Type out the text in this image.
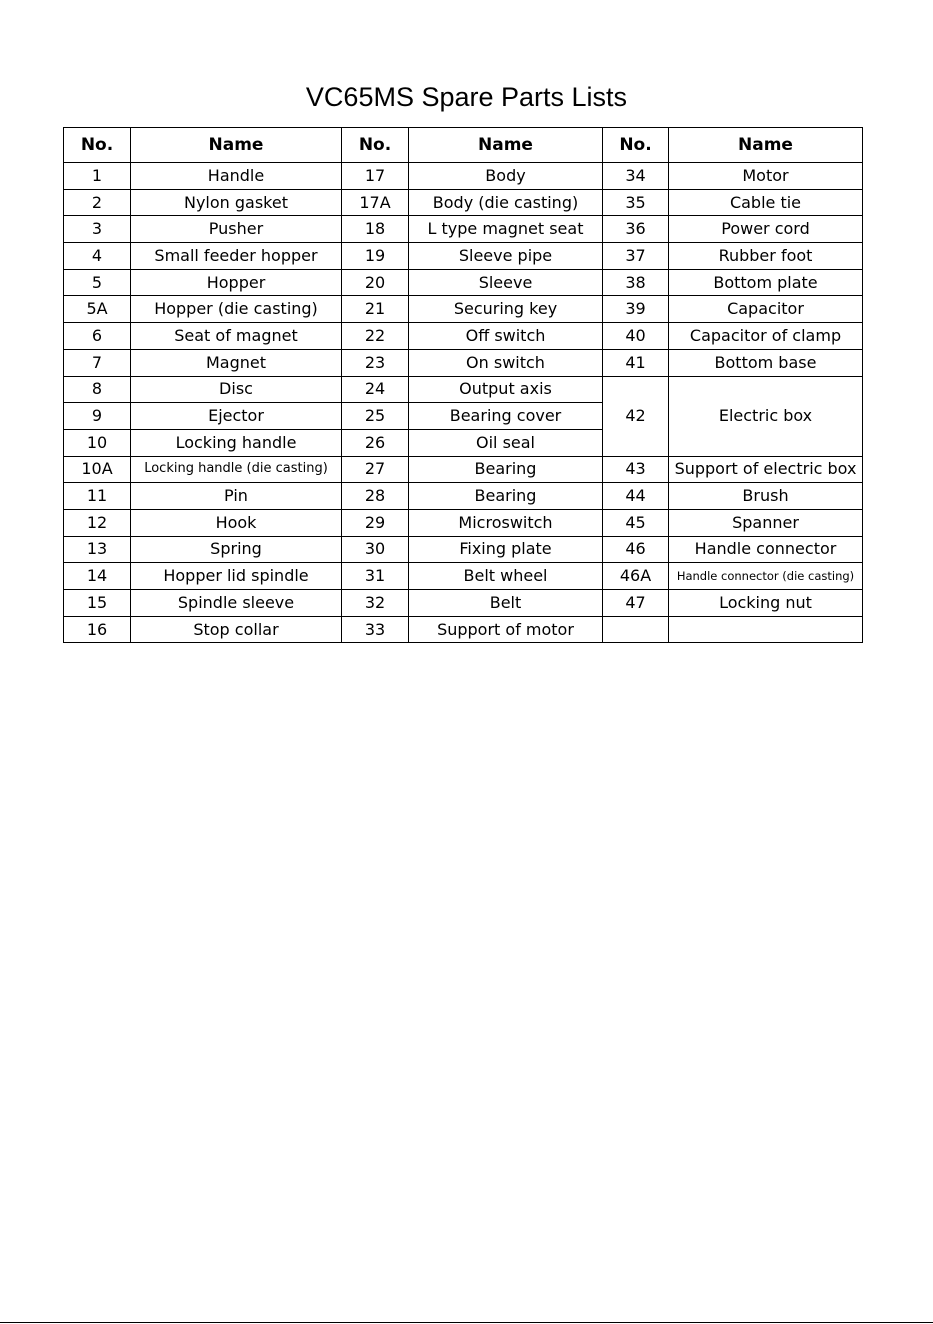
VC65MS Spare Parts Lists
No.	Name	No.	Name	No.	Name
1	Handle	17	Body	34	Motor
2	Nylon gasket	17A	Body (die casting)	35	Cable tie
3	Pusher	18	L type magnet seat	36	Power cord
4	Small feeder hopper	19	Sleeve pipe	37	Rubber foot
5	Hopper	20	Sleeve	38	Bottom plate
5A	Hopper (die casting)	21	Securing key	39	Capacitor
6	Seat of magnet	22	Off switch	40	Capacitor of clamp
7	Magnet	23	On switch	41	Bottom base
8	Disc	24	Output axis	42	Electric box
9	Ejector	25	Bearing cover		
10	Locking handle	26	Oil seal		
10A	Locking handle (die casting)	27	Bearing	43	Support of electric box
11	Pin	28	Bearing	44	Brush
12	Hook	29	Microswitch	45	Spanner
13	Spring	30	Fixing plate	46	Handle connector
14	Hopper lid spindle	31	Belt wheel	46A	Handle connector (die casting)
15	Spindle sleeve	32	Belt	47	Locking nut
16	Stop collar	33	Support of motor		
